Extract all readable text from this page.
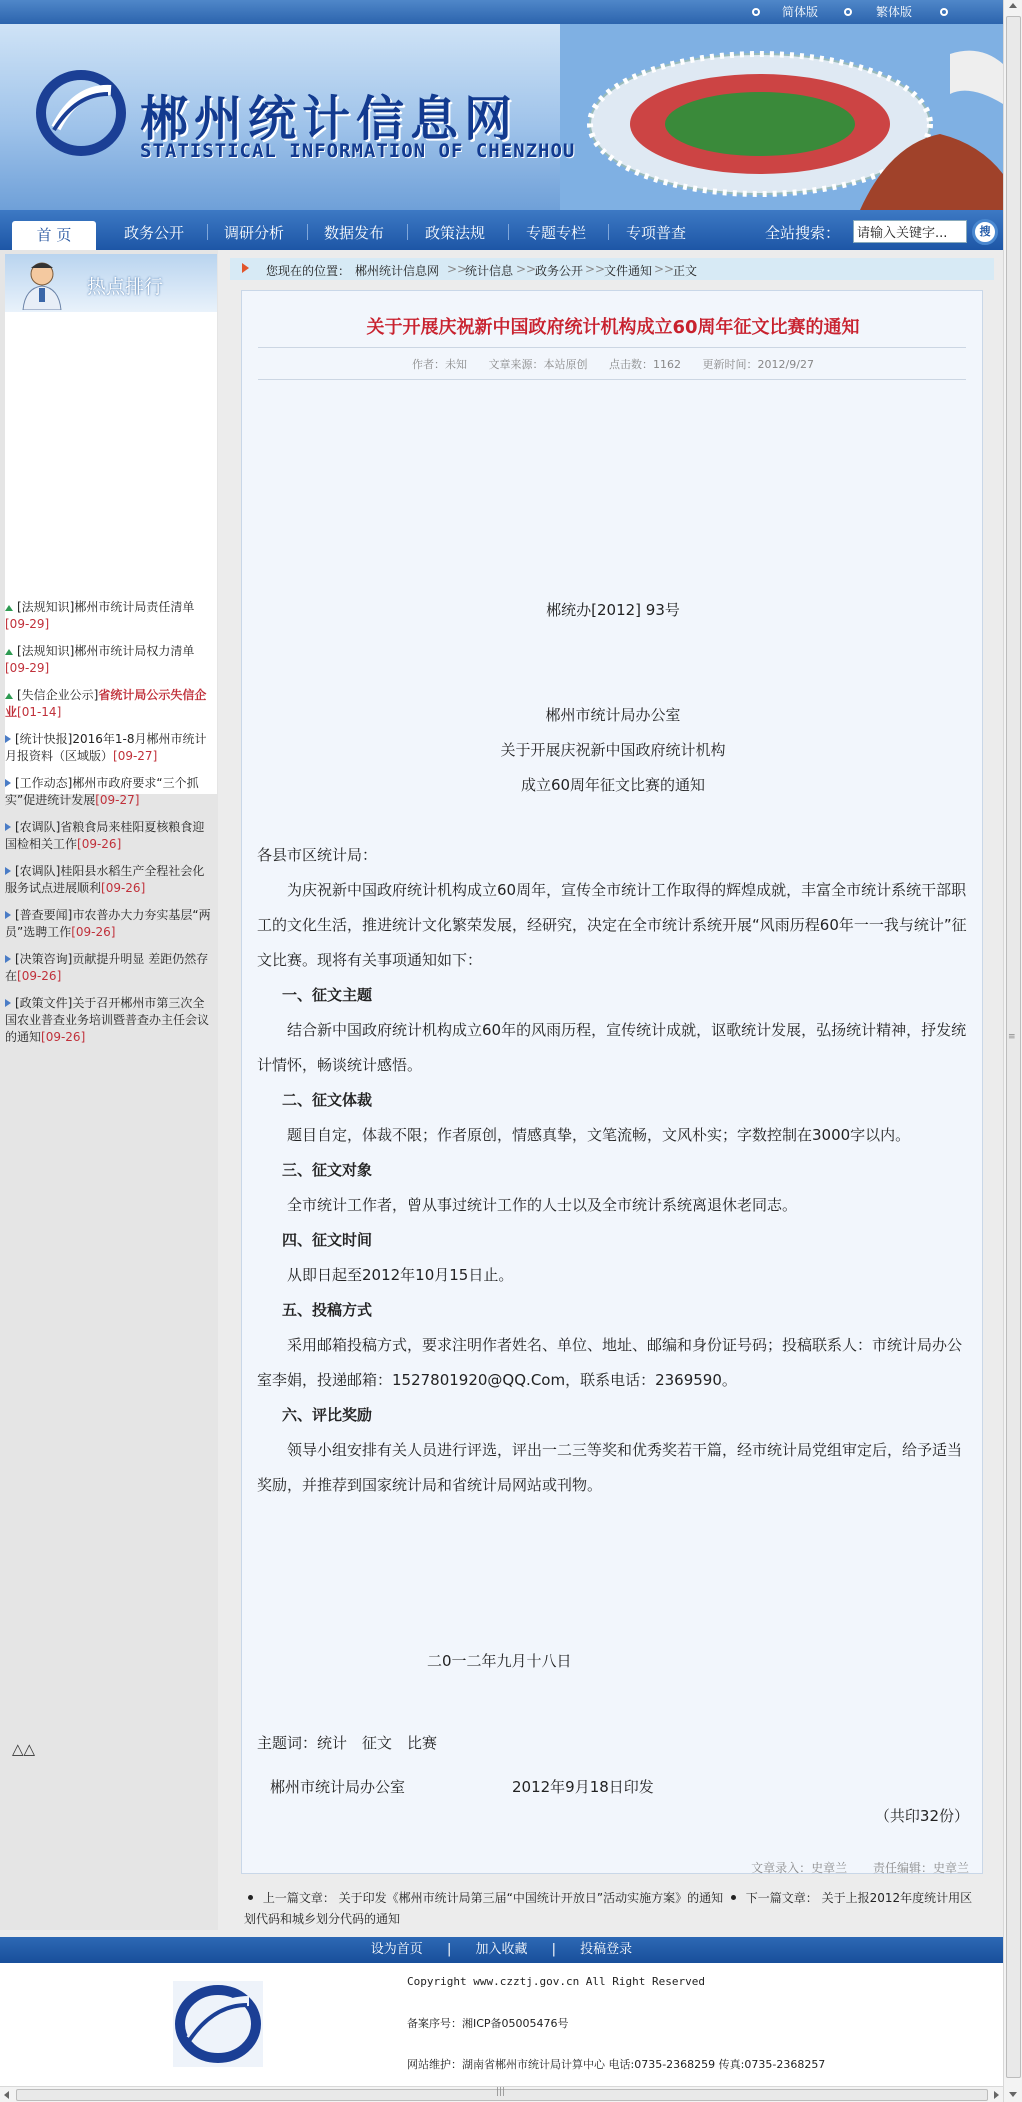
简体版	繁体版
郴州统计信息网
STATISTICAL INFORMATION OF CHENZHOU
首 页	政务公开	调研分析	数据发布	政策法规	专题专栏	专项普查	全站搜索：
请输入关键字...	搜
热点排行
[法规知识]郴州市统计局责任清单[09-29]
[法规知识]郴州市统计局权力清单[09-29]
[失信企业公示]省统计局公示失信企业[01-14]
[统计快报]2016年1-8月郴州市统计月报资料（区域版）[09-27]
[工作动态]郴州市政府要求“三个抓实”促进统计发展[09-27]
[农调队]省粮食局来桂阳夏核粮食迎国检相关工作[09-26]
[农调队]桂阳县水稻生产全程社会化服务试点进展顺利[09-26]
[普查要闻]市农普办大力夯实基层“两员”选聘工作[09-26]
[决策咨询]贡献提升明显 差距仍然存在[09-26]
[政策文件]关于召开郴州市第三次全国农业普查业务培训暨普查办主任会议的通知[09-26]
△△
您现在的位置： 郴州统计信息网 >>
统计信息 >>
政务公开 >>
文件通知 >>
正文
关于开展庆祝新中国政府统计机构成立60周年征文比赛的通知
作者：未知 文章来源：本站原创 点击数：1162 更新时间：2012/9/27
郴统办[2012] 93号
郴州市统计局办公室
关于开展庆祝新中国政府统计机构
成立60周年征文比赛的通知
各县市区统计局：
为庆祝新中国政府统计机构成立60周年，宣传全市统计工作取得的辉煌成就，丰富全市统计系统干部职工的文化生活，推进统计文化繁荣发展，经研究，决定在全市统计系统开展“风雨历程60年一一我与统计”征文比赛。现将有关事项通知如下：
一、征文主题
结合新中国政府统计机构成立60年的风雨历程，宣传统计成就，讴歌统计发展，弘扬统计精神，抒发统计情怀，畅谈统计感悟。
二、征文体裁
题目自定，体裁不限；作者原创，情感真挚，文笔流畅，文风朴实；字数控制在3000字以内。
三、征文对象
全市统计工作者，曾从事过统计工作的人士以及全市统计系统离退休老同志。
四、征文时间
从即日起至2012年10月15日止。
五、投稿方式
采用邮箱投稿方式，要求注明作者姓名、单位、地址、邮编和身份证号码；投稿联系人：市统计局办公室李娟，投递邮箱：1527801920@QQ.Com，联系电话：2369590。
六、评比奖励
领导小组安排有关人员进行评选，评出一二三等奖和优秀奖若干篇，经市统计局党组审定后，给予适当奖励，并推荐到国家统计局和省统计局网站或刊物。
二0一二年九月十八日
主题词：统计　征文　比赛
郴州市统计局办公室	2012年9月18日印发
（共印32份）
文章录入：史章兰 责任编辑：史章兰
上一篇文章： 关于印发《郴州市统计局第三届“中国统计开放日”活动实施方案》的通知 下一篇文章： 关于上报2012年度统计用区划代码和城乡划分代码的通知
设为首页 | 加入收藏 | 投稿登录
Copyright www.czztj.gov.cn All Right Reserved
备案序号：湘ICP备05005476号
网站维护：湖南省郴州市统计局计算中心 电话:0735-2368259 传真:0735-2368257
≡
|||
